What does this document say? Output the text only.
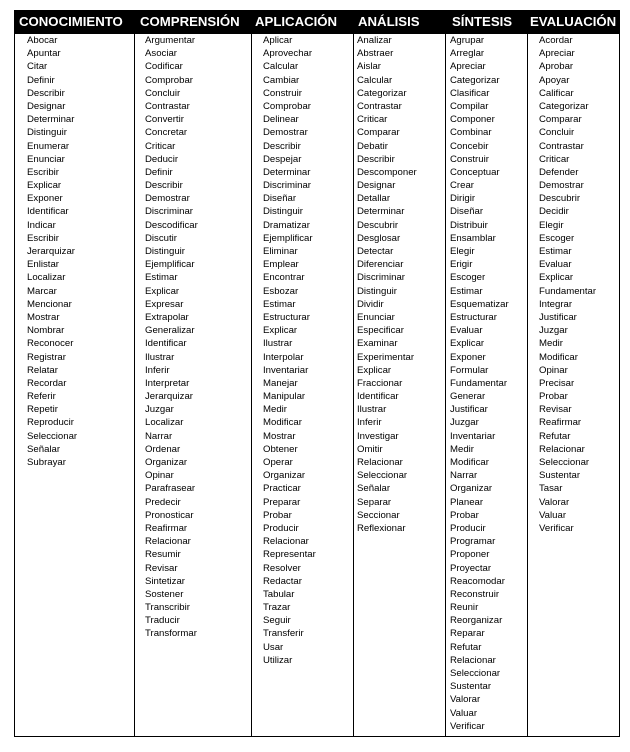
CONOCIMIENTO COMPRENSIÓN APLICACIÓN ANÁLISIS SÍNTESIS EVALUACIÓN
Abocar
Apuntar
Citar
Definir
Describir
Designar
Determinar
Distinguir
Enumerar
Enunciar
Escribir
Explicar
Exponer
Identificar
Indicar
Escribir
Jerarquizar
Enlistar
Localizar
Marcar
Mencionar
Mostrar
Nombrar
Reconocer
Registrar
Relatar
Recordar
Referir
Repetir
Reproducir
Seleccionar
Señalar
Subrayar
Argumentar
Asociar
Codificar
Comprobar
Concluir
Contrastar
Convertir
Concretar
Criticar
Deducir
Definir
Describir
Demostrar
Discriminar
Descodificar
Discutir
Distinguir
Ejemplificar
Estimar
Explicar
Expresar
Extrapolar
Generalizar
Identificar
Ilustrar
Inferir
Interpretar
Jerarquizar
Juzgar
Localizar
Narrar
Ordenar
Organizar
Opinar
Parafrasear
Predecir
Pronosticar
Reafirmar
Relacionar
Resumir
Revisar
Sintetizar
Sostener
Transcribir
Traducir
Transformar
Aplicar
Aprovechar
Calcular
Cambiar
Construir
Comprobar
Delinear
Demostrar
Describir
Despejar
Determinar
Discriminar
Diseñar
Distinguir
Dramatizar
Ejemplificar
Eliminar
Emplear
Encontrar
Esbozar
Estimar
Estructurar
Explicar
Ilustrar
Interpolar
Inventariar
Manejar
Manipular
Medir
Modificar
Mostrar
Obtener
Operar
Organizar
Practicar
Preparar
Probar
Producir
Relacionar
Representar
Resolver
Redactar
Tabular
Trazar
Seguir
Transferir
Usar
Utilizar
Analizar
Abstraer
Aislar
Calcular
Categorizar
Contrastar
Criticar
Comparar
Debatir
Describir
Descomponer
Designar
Detallar
Determinar
Descubrir
Desglosar
Detectar
Diferenciar
Discriminar
Distinguir
Dividir
Enunciar
Especificar
Examinar
Experimentar
Explicar
Fraccionar
Identificar
Ilustrar
Inferir
Investigar
Omitir
Relacionar
Seleccionar
Señalar
Separar
Seccionar
Reflexionar
Agrupar
Arreglar
Apreciar
Categorizar
Clasificar
Compilar
Componer
Combinar
Concebir
Construir
Conceptuar
Crear
Dirigir
Diseñar
Distribuir
Ensamblar
Elegir
Erigir
Escoger
Estimar
Esquematizar
Estructurar
Evaluar
Explicar
Exponer
Formular
Fundamentar
Generar
Justificar
Juzgar
Inventariar
Medir
Modificar
Narrar
Organizar
Planear
Probar
Producir
Programar
Proponer
Proyectar
Reacomodar
Reconstruir
Reunir
Reorganizar
Reparar
Refutar
Relacionar
Seleccionar
Sustentar
Valorar
Valuar
Verificar
Acordar
Apreciar
Aprobar
Apoyar
Calificar
Categorizar
Comparar
Concluir
Contrastar
Criticar
Defender
Demostrar
Descubrir
Decidir
Elegir
Escoger
Estimar
Evaluar
Explicar
Fundamentar
Integrar
Justificar
Juzgar
Medir
Modificar
Opinar
Precisar
Probar
Revisar
Reafirmar
Refutar
Relacionar
Seleccionar
Sustentar
Tasar
Valorar
Valuar
Verificar
